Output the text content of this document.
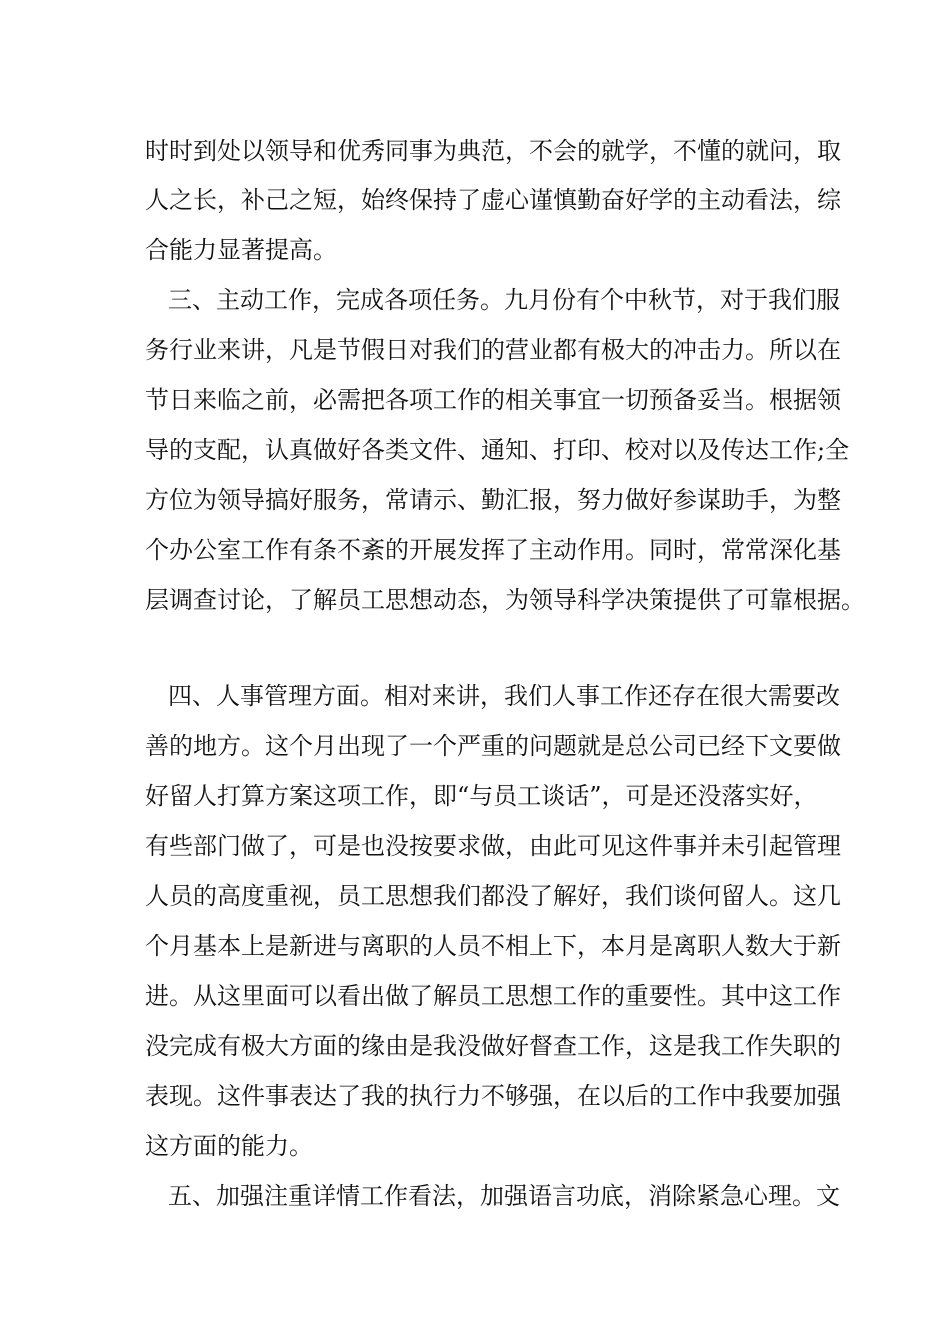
时时到处以领导和优秀同事为典范，不会的就学，不懂的就问，取

人之长，补己之短，始终保持了虚心谨慎勤奋好学的主动看法，综

合能力显著提高。

三、主动工作，完成各项任务。九月份有个中秋节，对于我们服

务行业来讲，凡是节假日对我们的营业都有极大的冲击力。所以在

节日来临之前，必需把各项工作的相关事宜一切预备妥当。根据领

导的支配，认真做好各类文件、通知、打印、校对以及传达工作;全

方位为领导搞好服务，常请示、勤汇报，努力做好参谋助手，为整

个办公室工作有条不紊的开展发挥了主动作用。同时，常常深化基

层调查讨论，了解员工思想动态，为领导科学决策提供了可靠根据。

四、人事管理方面。相对来讲，我们人事工作还存在很大需要改

善的地方。这个月出现了一个严重的问题就是总公司已经下文要做

好留人打算方案这项工作，即“与员工谈话”，可是还没落实好，

有些部门做了，可是也没按要求做，由此可见这件事并未引起管理

人员的高度重视，员工思想我们都没了解好，我们谈何留人。这几

个月基本上是新进与离职的人员不相上下，本月是离职人数大于新

进。从这里面可以看出做了解员工思想工作的重要性。其中这工作

没完成有极大方面的缘由是我没做好督查工作，这是我工作失职的

表现。这件事表达了我的执行力不够强，在以后的工作中我要加强

这方面的能力。

五、加强注重详情工作看法，加强语言功底，消除紧急心理。文
